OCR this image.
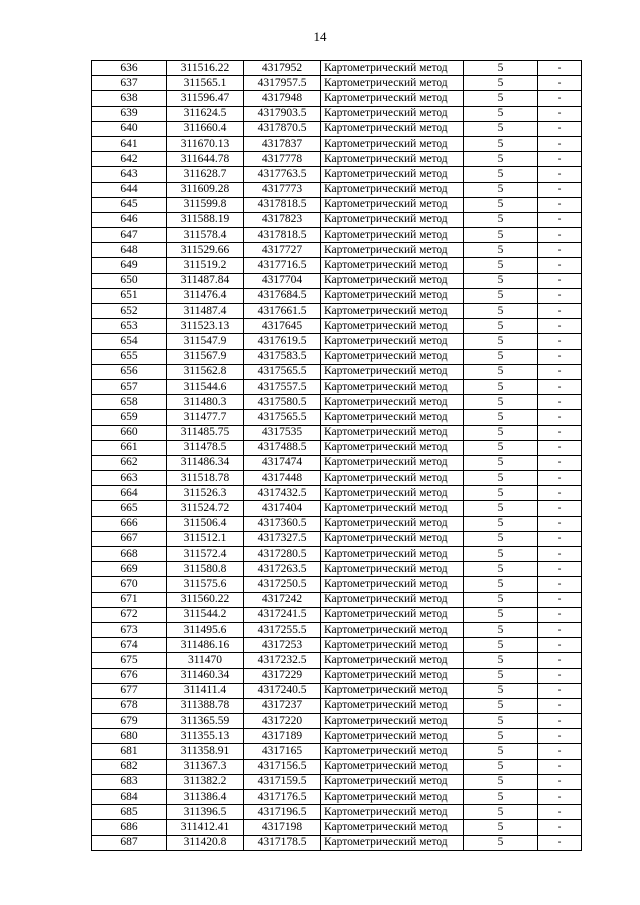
14
636	311516.22	4317952	Картометрический метод	5	-
637	311565.1	4317957.5	Картометрический метод	5	-
638	311596.47	4317948	Картометрический метод	5	-
639	311624.5	4317903.5	Картометрический метод	5	-
640	311660.4	4317870.5	Картометрический метод	5	-
641	311670.13	4317837	Картометрический метод	5	-
642	311644.78	4317778	Картометрический метод	5	-
643	311628.7	4317763.5	Картометрический метод	5	-
644	311609.28	4317773	Картометрический метод	5	-
645	311599.8	4317818.5	Картометрический метод	5	-
646	311588.19	4317823	Картометрический метод	5	-
647	311578.4	4317818.5	Картометрический метод	5	-
648	311529.66	4317727	Картометрический метод	5	-
649	311519.2	4317716.5	Картометрический метод	5	-
650	311487.84	4317704	Картометрический метод	5	-
651	311476.4	4317684.5	Картометрический метод	5	-
652	311487.4	4317661.5	Картометрический метод	5	-
653	311523.13	4317645	Картометрический метод	5	-
654	311547.9	4317619.5	Картометрический метод	5	-
655	311567.9	4317583.5	Картометрический метод	5	-
656	311562.8	4317565.5	Картометрический метод	5	-
657	311544.6	4317557.5	Картометрический метод	5	-
658	311480.3	4317580.5	Картометрический метод	5	-
659	311477.7	4317565.5	Картометрический метод	5	-
660	311485.75	4317535	Картометрический метод	5	-
661	311478.5	4317488.5	Картометрический метод	5	-
662	311486.34	4317474	Картометрический метод	5	-
663	311518.78	4317448	Картометрический метод	5	-
664	311526.3	4317432.5	Картометрический метод	5	-
665	311524.72	4317404	Картометрический метод	5	-
666	311506.4	4317360.5	Картометрический метод	5	-
667	311512.1	4317327.5	Картометрический метод	5	-
668	311572.4	4317280.5	Картометрический метод	5	-
669	311580.8	4317263.5	Картометрический метод	5	-
670	311575.6	4317250.5	Картометрический метод	5	-
671	311560.22	4317242	Картометрический метод	5	-
672	311544.2	4317241.5	Картометрический метод	5	-
673	311495.6	4317255.5	Картометрический метод	5	-
674	311486.16	4317253	Картометрический метод	5	-
675	311470	4317232.5	Картометрический метод	5	-
676	311460.34	4317229	Картометрический метод	5	-
677	311411.4	4317240.5	Картометрический метод	5	-
678	311388.78	4317237	Картометрический метод	5	-
679	311365.59	4317220	Картометрический метод	5	-
680	311355.13	4317189	Картометрический метод	5	-
681	311358.91	4317165	Картометрический метод	5	-
682	311367.3	4317156.5	Картометрический метод	5	-
683	311382.2	4317159.5	Картометрический метод	5	-
684	311386.4	4317176.5	Картометрический метод	5	-
685	311396.5	4317196.5	Картометрический метод	5	-
686	311412.41	4317198	Картометрический метод	5	-
687	311420.8	4317178.5	Картометрический метод	5	-
